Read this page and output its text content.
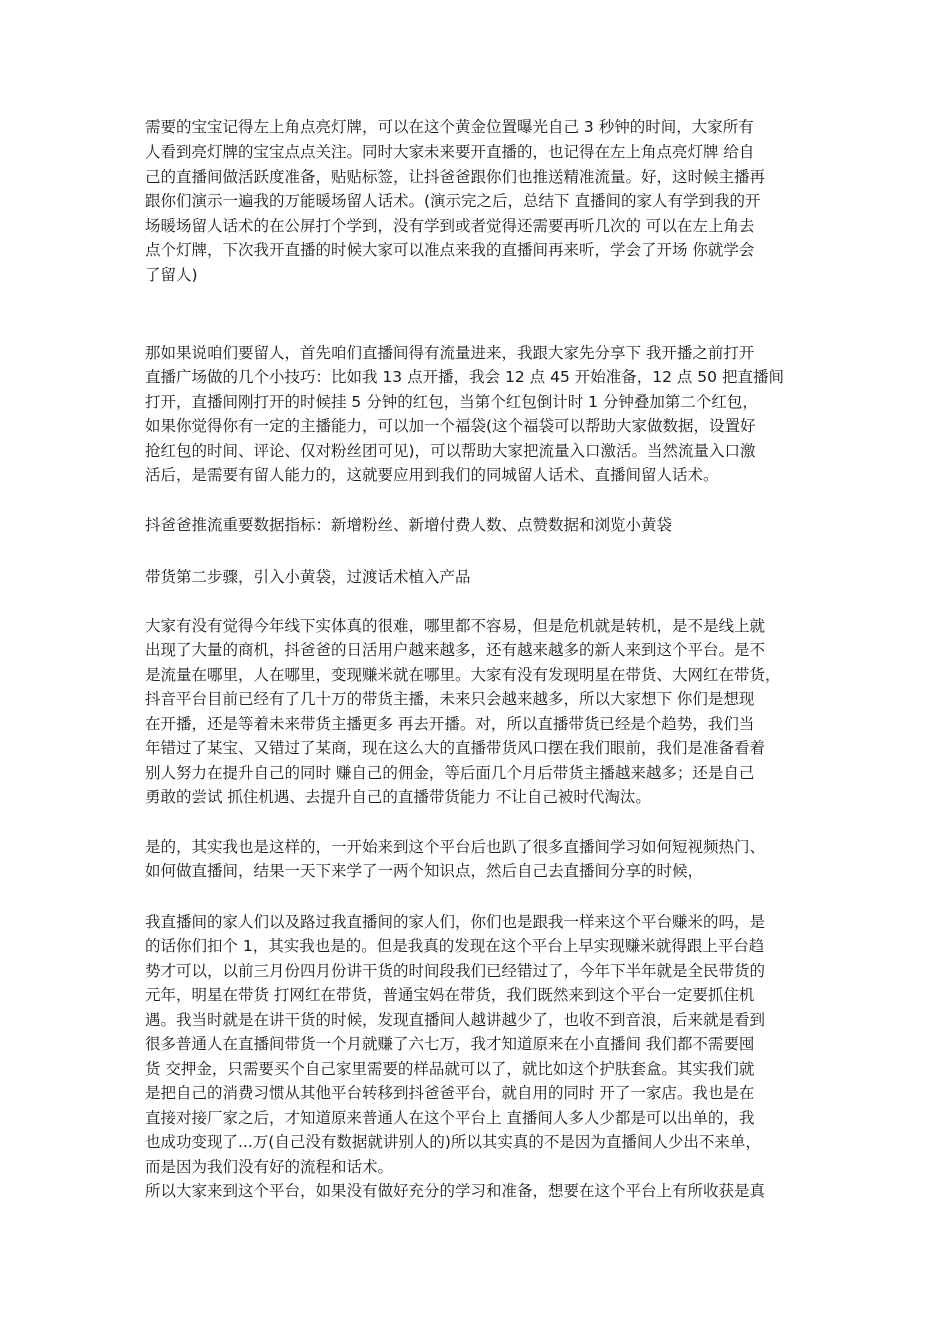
需要的宝宝记得左上角点亮灯牌，可以在这个黄金位置曝光自己 3 秒钟的时间，大家所有
人看到亮灯牌的宝宝点点关注。同时大家未来要开直播的，也记得在左上角点亮灯牌 给自
己的直播间做活跃度准备，贴贴标签，让抖爸爸跟你们也推送精准流量。好，这时候主播再
跟你们演示一遍我的万能暖场留人话术。(演示完之后，总结下 直播间的家人有学到我的开
场暖场留人话术的在公屏打个学到，没有学到或者觉得还需要再听几次的 可以在左上角去
点个灯牌，下次我开直播的时候大家可以准点来我的直播间再来听，学会了开场 你就学会
了留人)
那如果说咱们要留人，首先咱们直播间得有流量进来，我跟大家先分享下 我开播之前打开
直播广场做的几个小技巧：比如我 13 点开播，我会 12 点 45 开始准备，12 点 50 把直播间
打开，直播间刚打开的时候挂 5 分钟的红包，当第个红包倒计时 1 分钟叠加第二个红包，
如果你觉得你有一定的主播能力，可以加一个福袋(这个福袋可以帮助大家做数据，设置好
抢红包的时间、评论、仅对粉丝团可见)，可以帮助大家把流量入口激活。当然流量入口激
活后，是需要有留人能力的，这就要应用到我们的同城留人话术、直播间留人话术。
抖爸爸推流重要数据指标：新增粉丝、新增付费人数、点赞数据和浏览小黄袋
带货第二步骤，引入小黄袋，过渡话术植入产品
大家有没有觉得今年线下实体真的很难，哪里都不容易，但是危机就是转机，是不是线上就
出现了大量的商机，抖爸爸的日活用户越来越多，还有越来越多的新人来到这个平台。是不
是流量在哪里，人在哪里，变现赚米就在哪里。大家有没有发现明星在带货、大网红在带货，
抖音平台目前已经有了几十万的带货主播，未来只会越来越多，所以大家想下 你们是想现
在开播，还是等着未来带货主播更多 再去开播。对，所以直播带货已经是个趋势，我们当
年错过了某宝、又错过了某商，现在这么大的直播带货风口摆在我们眼前，我们是准备看着
别人努力在提升自己的同时 赚自己的佣金，等后面几个月后带货主播越来越多；还是自己
勇敢的尝试 抓住机遇、去提升自己的直播带货能力 不让自己被时代淘汰。
是的，其实我也是这样的，一开始来到这个平台后也趴了很多直播间学习如何短视频热门、
如何做直播间，结果一天下来学了一两个知识点，然后自己去直播间分享的时候，
我直播间的家人们以及路过我直播间的家人们，你们也是跟我一样来这个平台赚米的吗，是
的话你们扣个 1，其实我也是的。但是我真的发现在这个平台上早实现赚米就得跟上平台趋
势才可以，以前三月份四月份讲干货的时间段我们已经错过了，今年下半年就是全民带货的
元年，明星在带货 打网红在带货，普通宝妈在带货，我们既然来到这个平台一定要抓住机
遇。我当时就是在讲干货的时候，发现直播间人越讲越少了，也收不到音浪，后来就是看到
很多普通人在直播间带货一个月就赚了六七万，我才知道原来在小直播间 我们都不需要囤
货 交押金，只需要买个自己家里需要的样品就可以了，就比如这个护肤套盒。其实我们就
是把自己的消费习惯从其他平台转移到抖爸爸平台，就自用的同时 开了一家店。我也是在
直接对接厂家之后，才知道原来普通人在这个平台上 直播间人多人少都是可以出单的，我
也成功变现了...万(自己没有数据就讲别人的)所以其实真的不是因为直播间人少出不来单，
而是因为我们没有好的流程和话术。
所以大家来到这个平台，如果没有做好充分的学习和准备，想要在这个平台上有所收获是真
